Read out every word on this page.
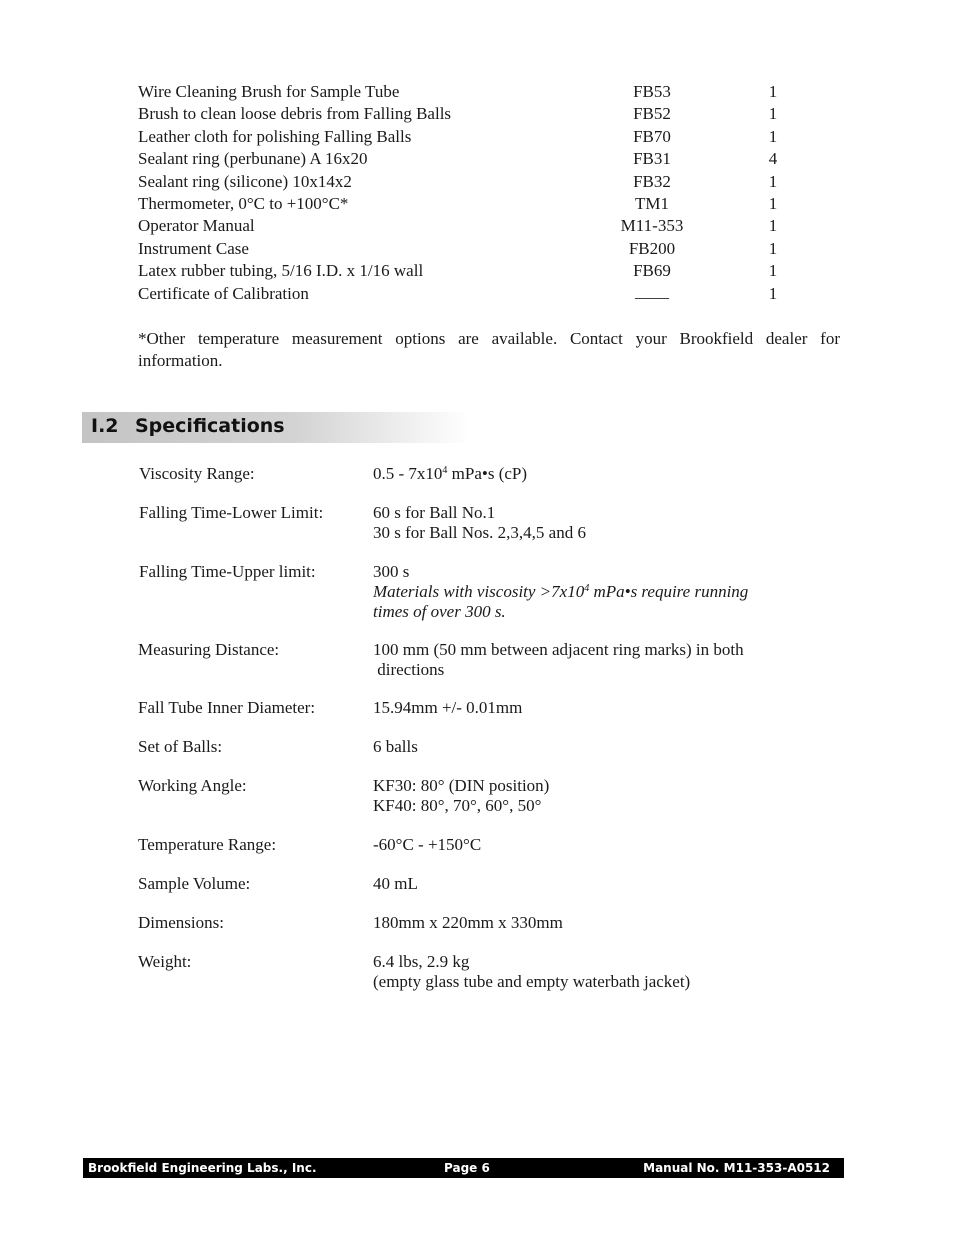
Wire Cleaning Brush for Sample Tube	FB53	1
Brush to clean loose debris from Falling Balls	FB52	1
Leather cloth for polishing Falling Balls	FB70	1
Sealant ring (perbunane) A 16x20	FB31	4
Sealant ring (silicone) 10x14x2	FB32	1
Thermometer, 0°C to +100°C*	TM1	1
Operator Manual	M11-353	1
Instrument Case	FB200	1
Latex rubber tubing, 5/16 I.D. x 1/16 wall	FB69	1
Certificate of Calibration	____	1
*Other temperature measurement options are available. Contact your Brookfield dealer for information.
I.2 Specifications
Viscosity Range:	$0.5 - 7x10^4$ mPa•s (cP)
Falling Time-Lower Limit:	60 s for Ball No.1
30 s for Ball Nos. 2,3,4,5 and 6
Falling Time-Upper limit:	300 s
Materials with viscosity $>7x10^4$ mPa•s require running
times of over 300 s.
Measuring Distance:	100 mm (50 mm between adjacent ring marks) in both
directions
Fall Tube Inner Diameter:	15.94mm +/- 0.01mm
Set of Balls:	6 balls
Working Angle:	KF30: 80° (DIN position)
KF40: 80°, 70°, 60°, 50°
Temperature Range:	-60°C - +150°C
Sample Volume:	40 mL
Dimensions:	180mm x 220mm x 330mm
Weight:	6.4 lbs, 2.9 kg
(empty glass tube and empty waterbath jacket)
Brookfield Engineering Labs., Inc.	Page 6	Manual No. M11-353-A0512
